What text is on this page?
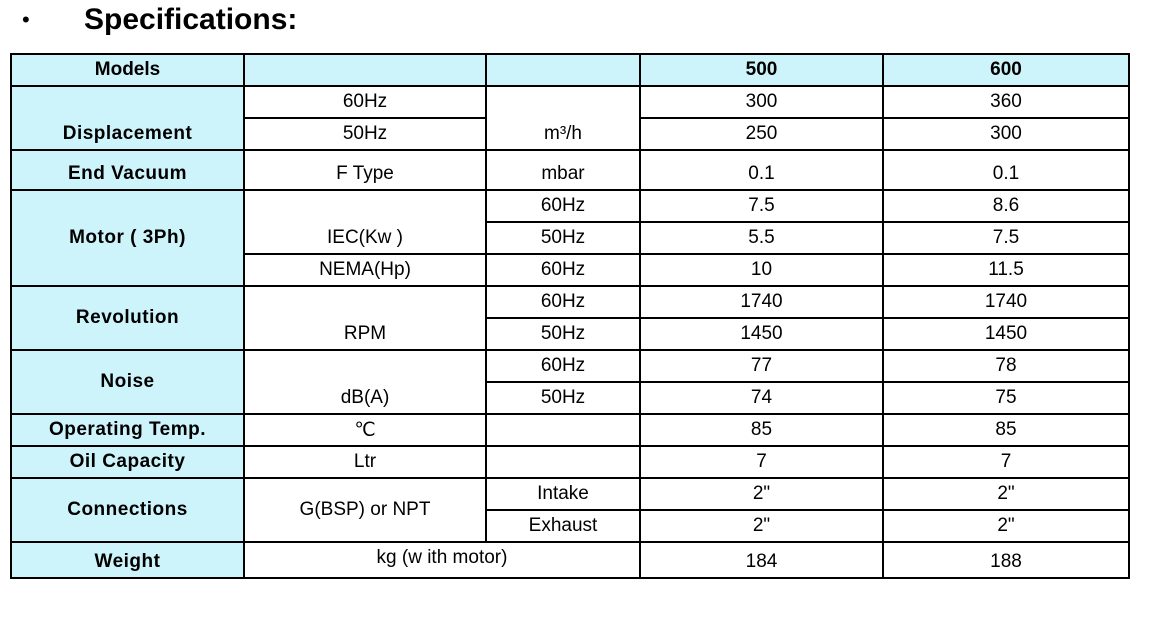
•	Specifications:
Models			500	600
Displacement	60Hz	m³/h	300	360
	50Hz		250	300
End Vacuum	F Type	mbar	0.1	0.1
Motor ( 3Ph)	IEC(Kw )	60Hz	7.5	8.6
		50Hz	5.5	7.5
	NEMA(Hp)	60Hz	10	11.5
Revolution	RPM	60Hz	1740	1740
		50Hz	1450	1450
Noise	dB(A)	60Hz	77	78
		50Hz	74	75
Operating Temp.	℃		85	85
Oil Capacity	Ltr		7	7
Connections	G(BSP) or NPT	Intake	2"	2"
		Exhaust	2"	2"
Weight	kg (w ith motor)		184	188
